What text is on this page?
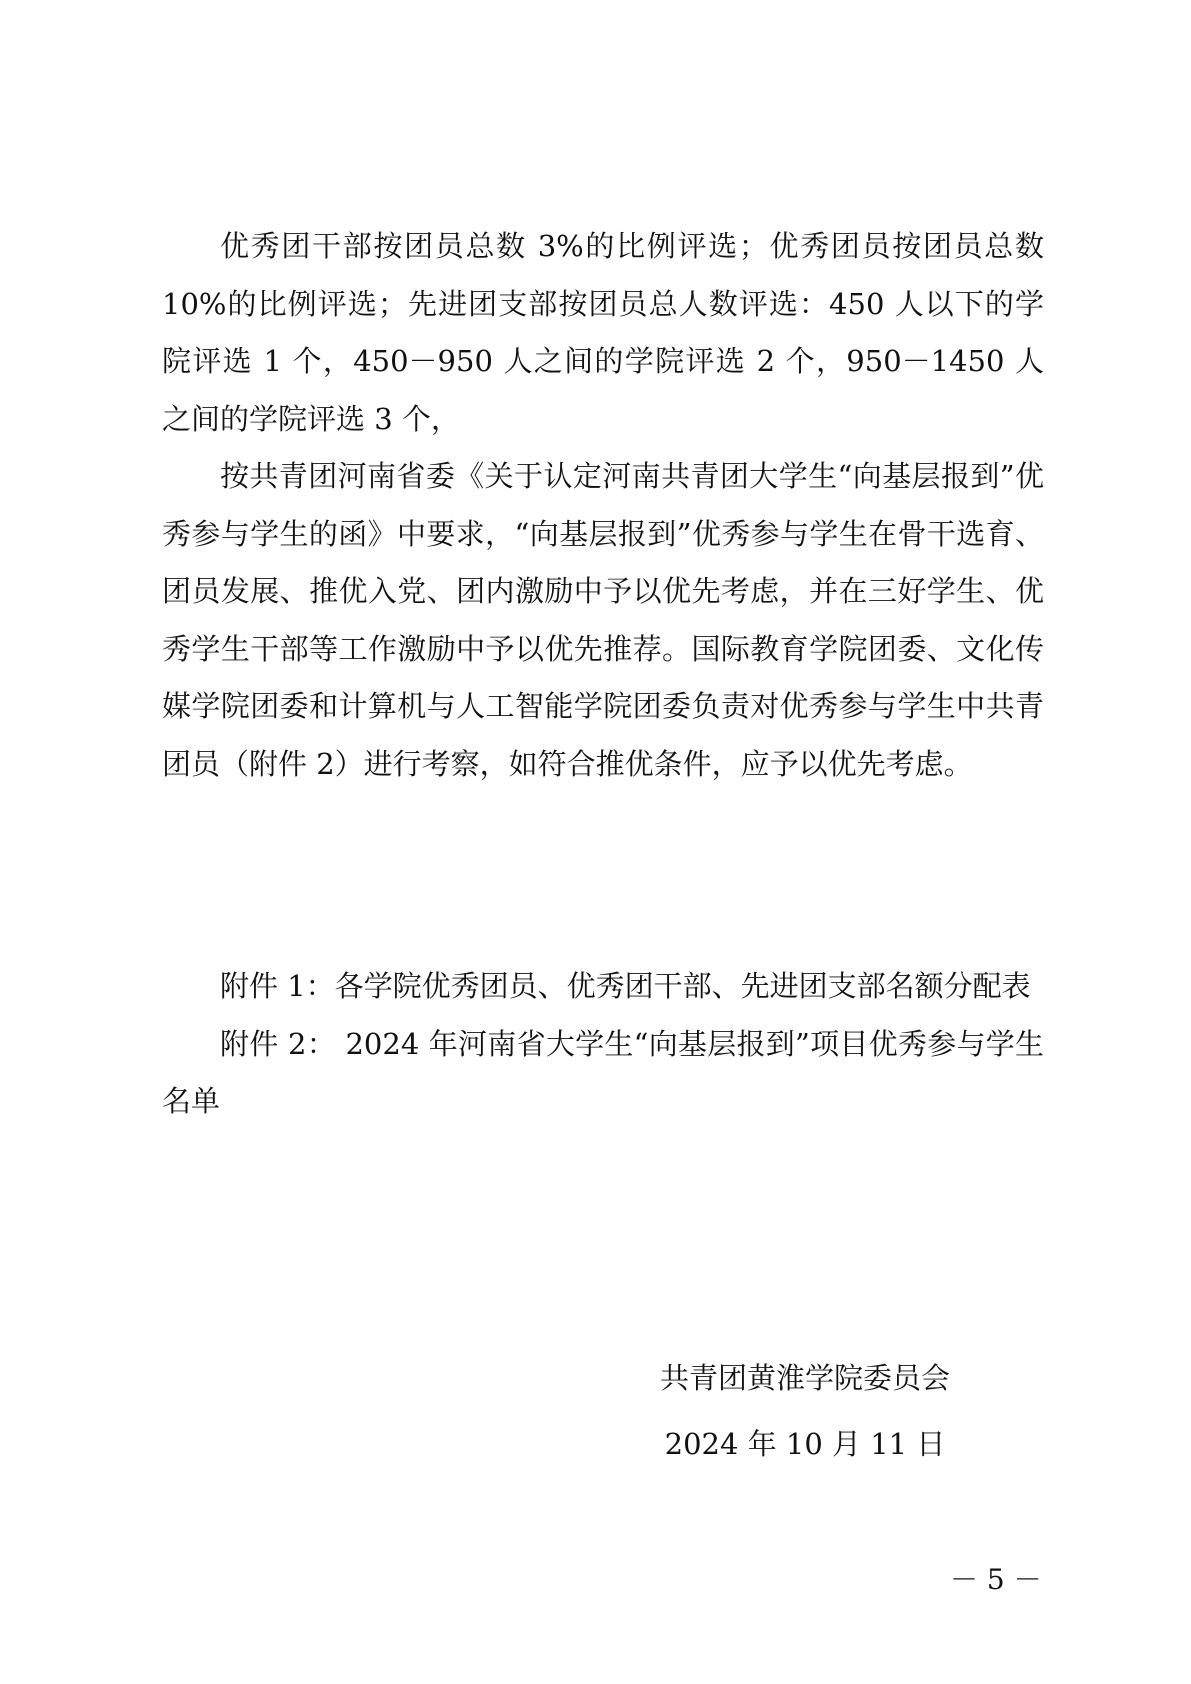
优秀团干部按团员总数 3%的比例评选；优秀团员按团员总数 10%的比例评选；先进团支部按团员总人数评选：450 人以下的学院评选 1 个，450－950 人之间的学院评选 2 个，950－1450 人之间的学院评选 3 个，

按共青团河南省委《关于认定河南共青团大学生“向基层报到”优秀参与学生的函》中要求，“向基层报到”优秀参与学生在骨干选育、团员发展、推优入党、团内激励中予以优先考虑，并在三好学生、优秀学生干部等工作激励中予以优先推荐。国际教育学院团委、文化传媒学院团委和计算机与人工智能学院团委负责对优秀参与学生中共青团员（附件 2）进行考察，如符合推优条件，应予以优先考虑。

附件 1：各学院优秀团员、优秀团干部、先进团支部名额分配表

附件 2： 2024 年河南省大学生“向基层报到”项目优秀参与学生名单

共青团黄淮学院委员会
2024 年 10 月 11 日
－ 5 －
